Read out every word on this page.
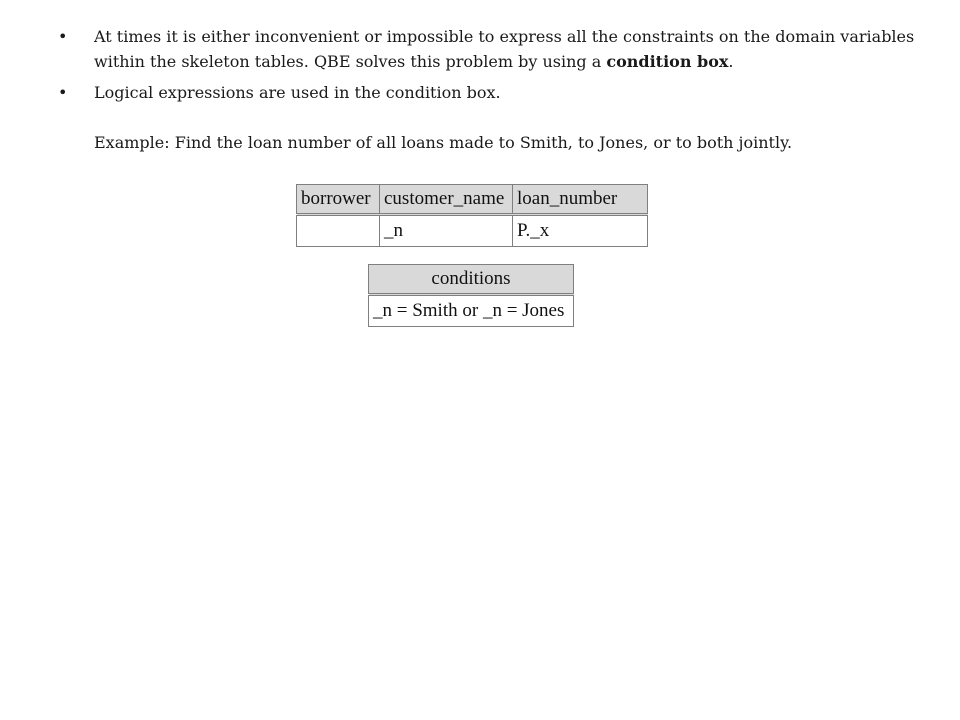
• At times it is either inconvenient or impossible to express all the constraints on the domain variables within the skeleton tables. QBE solves this problem by using a condition box.
• Logical expressions are used in the condition box.
Example: Find the loan number of all loans made to Smith, to Jones, or to both jointly.
borrower	customer_name	loan_number
	_n	P._x
conditions
_n = Smith or _n = Jones
